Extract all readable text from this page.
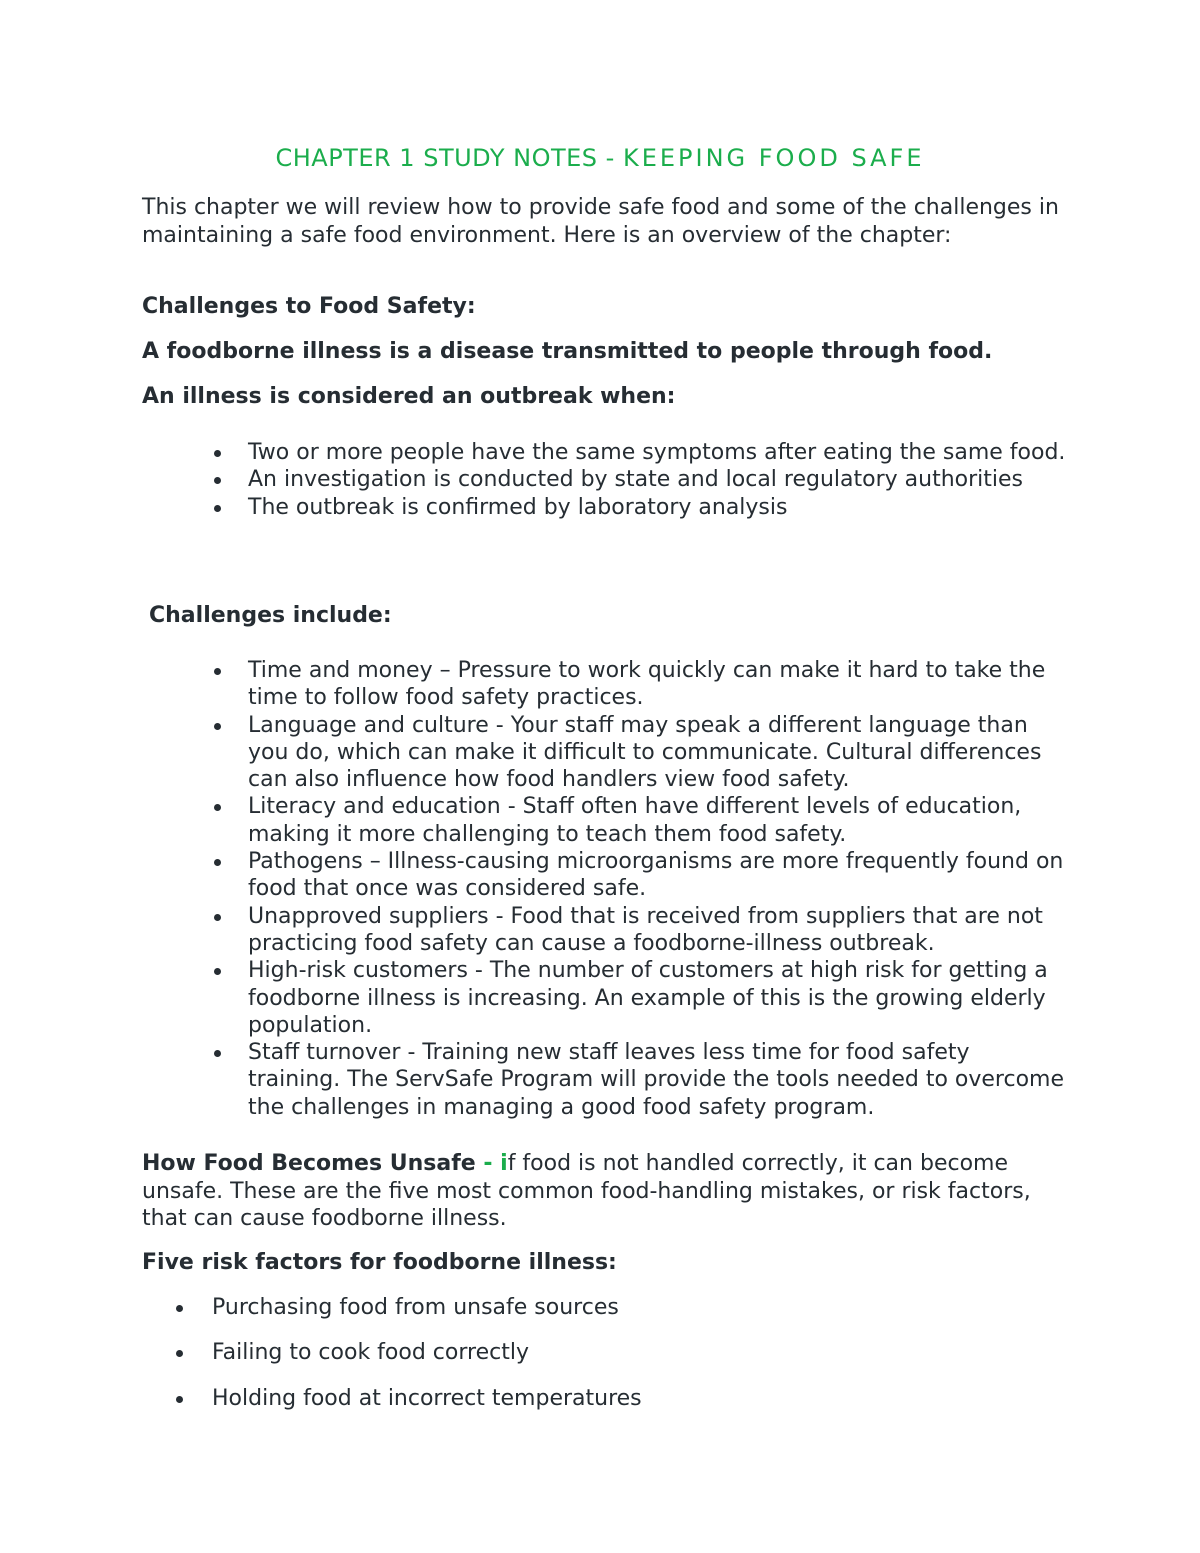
CHAPTER 1 STUDY NOTES - KEEPING FOOD SAFE
This chapter we will review how to provide safe food and some of the challenges in maintaining a safe food environment. Here is an overview of the chapter:
Challenges to Food Safety:
A foodborne illness is a disease transmitted to people through food.
An illness is considered an outbreak when:
Two or more people have the same symptoms after eating the same food.
An investigation is conducted by state and local regulatory authorities
The outbreak is confirmed by laboratory analysis
Challenges include:
Time and money – Pressure to work quickly can make it hard to take the time to follow food safety practices.
Language and culture - Your staff may speak a different language than you do, which can make it difficult to communicate. Cultural differences can also influence how food handlers view food safety.
Literacy and education - Staff often have different levels of education, making it more challenging to teach them food safety.
Pathogens – Illness-causing microorganisms are more frequently found on food that once was considered safe.
Unapproved suppliers - Food that is received from suppliers that are not practicing food safety can cause a foodborne-illness outbreak.
High-risk customers - The number of customers at high risk for getting a foodborne illness is increasing. An example of this is the growing elderly population.
Staff turnover - Training new staff leaves less time for food safety training. The ServSafe Program will provide the tools needed to overcome the challenges in managing a good food safety program.
How Food Becomes Unsafe - if food is not handled correctly, it can become unsafe. These are the five most common food-handling mistakes, or risk factors, that can cause foodborne illness.
Five risk factors for foodborne illness:
Purchasing food from unsafe sources
Failing to cook food correctly
Holding food at incorrect temperatures
